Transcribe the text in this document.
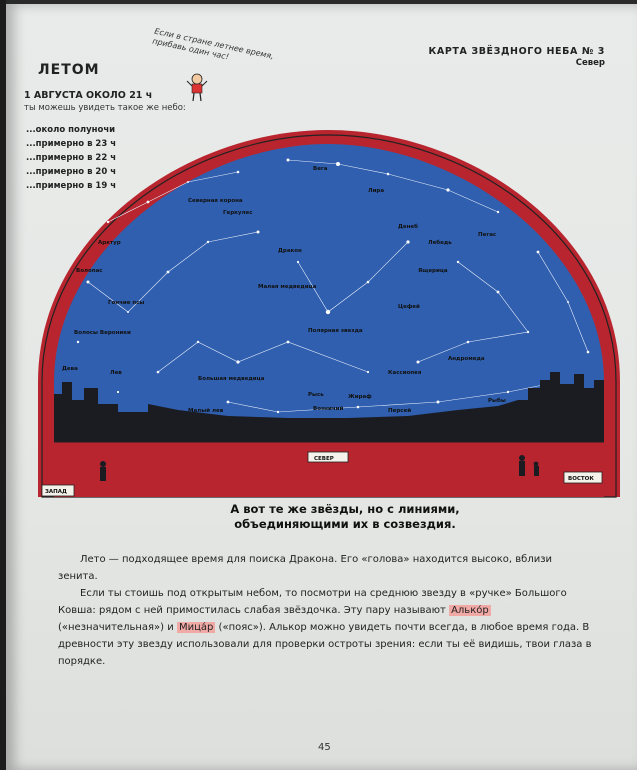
ЛЕТОМ
1 АВГУСТА ОКОЛО 21 ч
ты можешь увидеть такое же небо:
...около полуночи
...примерно в 23 ч
...примерно в 22 ч
...примерно в 20 ч
...примерно в 19 ч
Если в стране летнее время, прибавь один час!	КАРТА ЗВЁЗДНОГО НЕБА № 3
Север
Северная корона
Вега
Лира
Геркулес
Денеб
Лебедь
Пегас
Арктур
Дракон
Волопас	Ящерица
Малая медведица
Гончие псы
Цефей
Волосы Вероники	Полярная звезда
Большая медведица
Кассиопея
Андромеда
Дева
Лев
Жираф
Рысь
Малый лев	Персей
Возничий
Рыбы
СЕВЕР
ЗАПАД
ВОСТОК
А вот те же звёзды, но с линиями,
объединяющими их в созвездия.

Лето — подходящее время для поиска Дракона. Его «голова» находится высоко, вблизи зенита.

Если ты стоишь под открытым небом, то посмотри на среднюю звезду в «ручке» Большого Ковша: рядом с ней примостилась слабая звёздочка. Эту пару называют Алько́р («незначительная») и Мица́р («пояс»). Алькор можно увидеть почти всегда, в любое время года. В древности эту звезду использовали для проверки остроты зрения: если ты её видишь, твои глаза в порядке.

45
